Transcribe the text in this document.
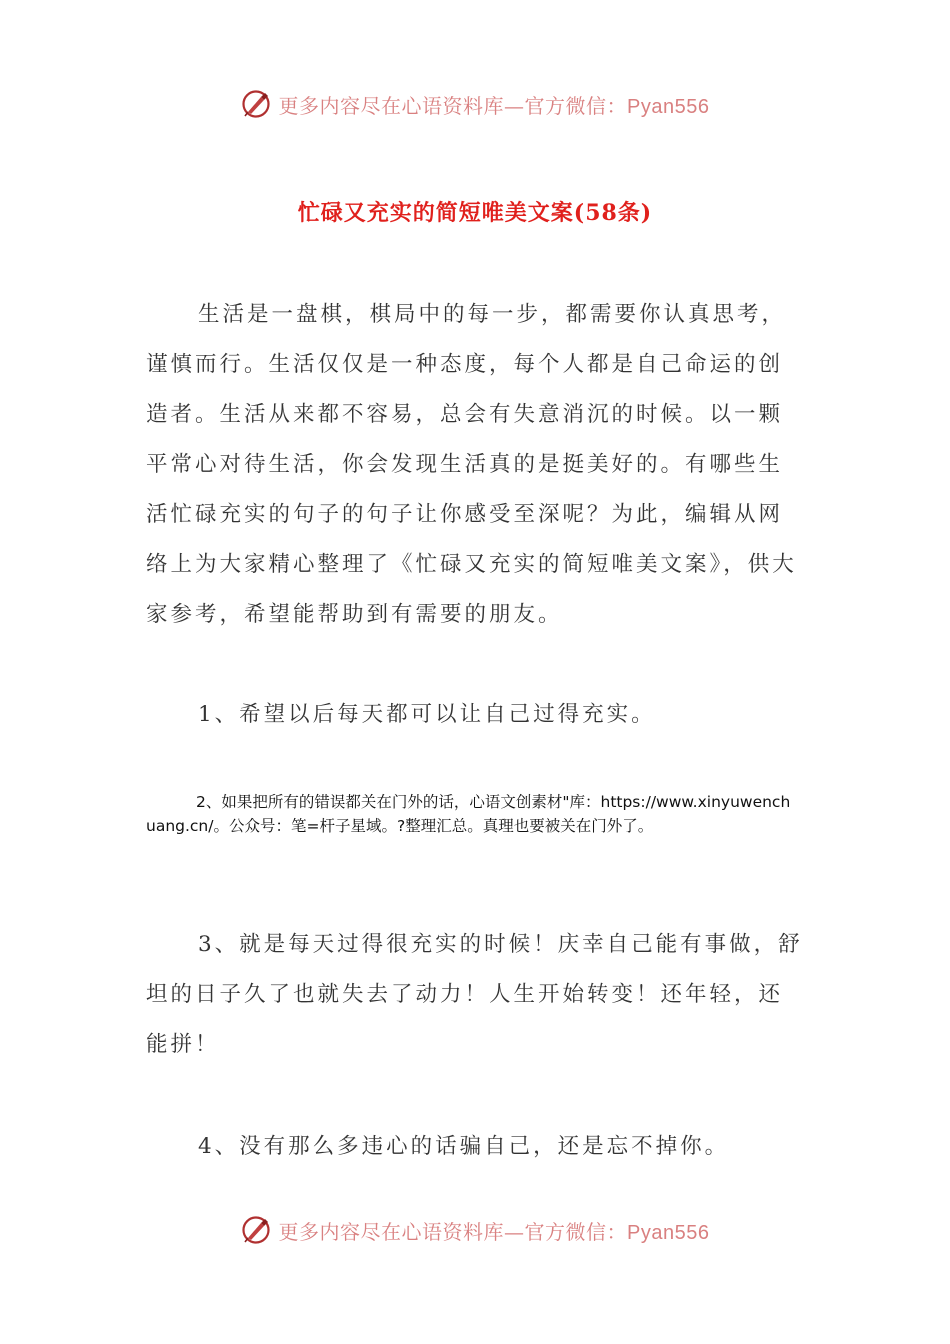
更多内容尽在心语资料库—官方微信：Pyan556
忙碌又充实的简短唯美文案(58条)

生活是一盘棋，棋局中的每一步，都需要你认真思考，谨慎而行。生活仅仅是一种态度，每个人都是自己命运的创造者。生活从来都不容易，总会有失意消沉的时候。以一颗平常心对待生活，你会发现生活真的是挺美好的。有哪些生活忙碌充实的句子的句子让你感受至深呢？为此，编辑从网络上为大家精心整理了《忙碌又充实的简短唯美文案》，供大家参考，希望能帮助到有需要的朋友。

1、希望以后每天都可以让自己过得充实。

2、如果把所有的错误都关在门外的话，心语文创素材"库：https://www.xinyuwenchuang.cn/。公众号：笔=杆子星域。?整理汇总。真理也要被关在门外了。

3、就是每天过得很充实的时候！庆幸自己能有事做，舒坦的日子久了也就失去了动力！人生开始转变！还年轻，还能拼！

4、没有那么多违心的话骗自己，还是忘不掉你。

更多内容尽在心语资料库—官方微信：Pyan556
